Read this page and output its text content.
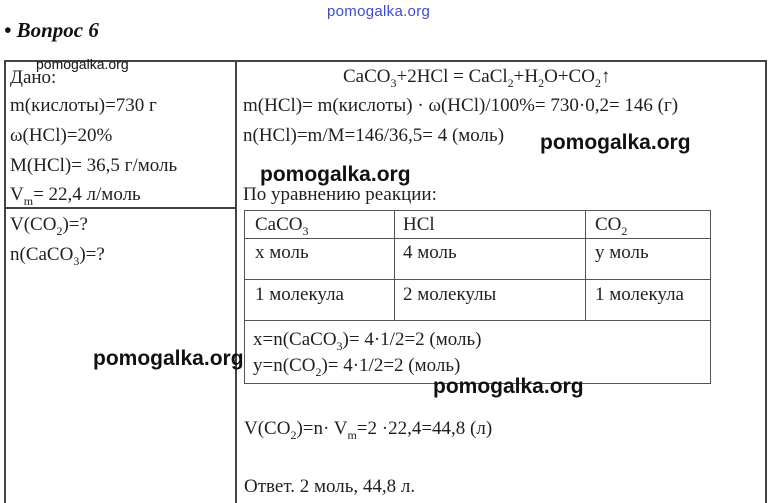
pomogalka.org
• Вопрос 6
Дано:
pomogalka.org
m(кислоты)=730 г
ω(HCl)=20%
M(HCl)= 36,5 г/моль
$V_m= 22,4$ л/моль
$V(CO_2)=$?
n(CaCO$_3$)=?
CaCO$_3$+2HCl = $CaCl_2+H_2O+CO_2↑$
m(HCl)= m(кислоты) · ω(HCl)/100%= 730·0,2= 146 (г)
n(HCl)=m/M=146/36,5= 4 (моль) pomogalka.org
pomogalka.org
По уравнению реакции:
CaCO$_3$	HCl	$CO_2$
х моль	4 моль	у моль
1 молекула	2 молекулы	1 молекула
х=n(CaCO$_3$)= 4·1/2=2 (моль)
$у=n(CO_2)= 4\cdot 1/2=2$ (моль)
pomogalka.org
pomogalka.org
$V(CO_2)=n\cdot V_m=2 \cdot 22,4=44,8$ (л)
Ответ. 2 моль, 44,8 л.
